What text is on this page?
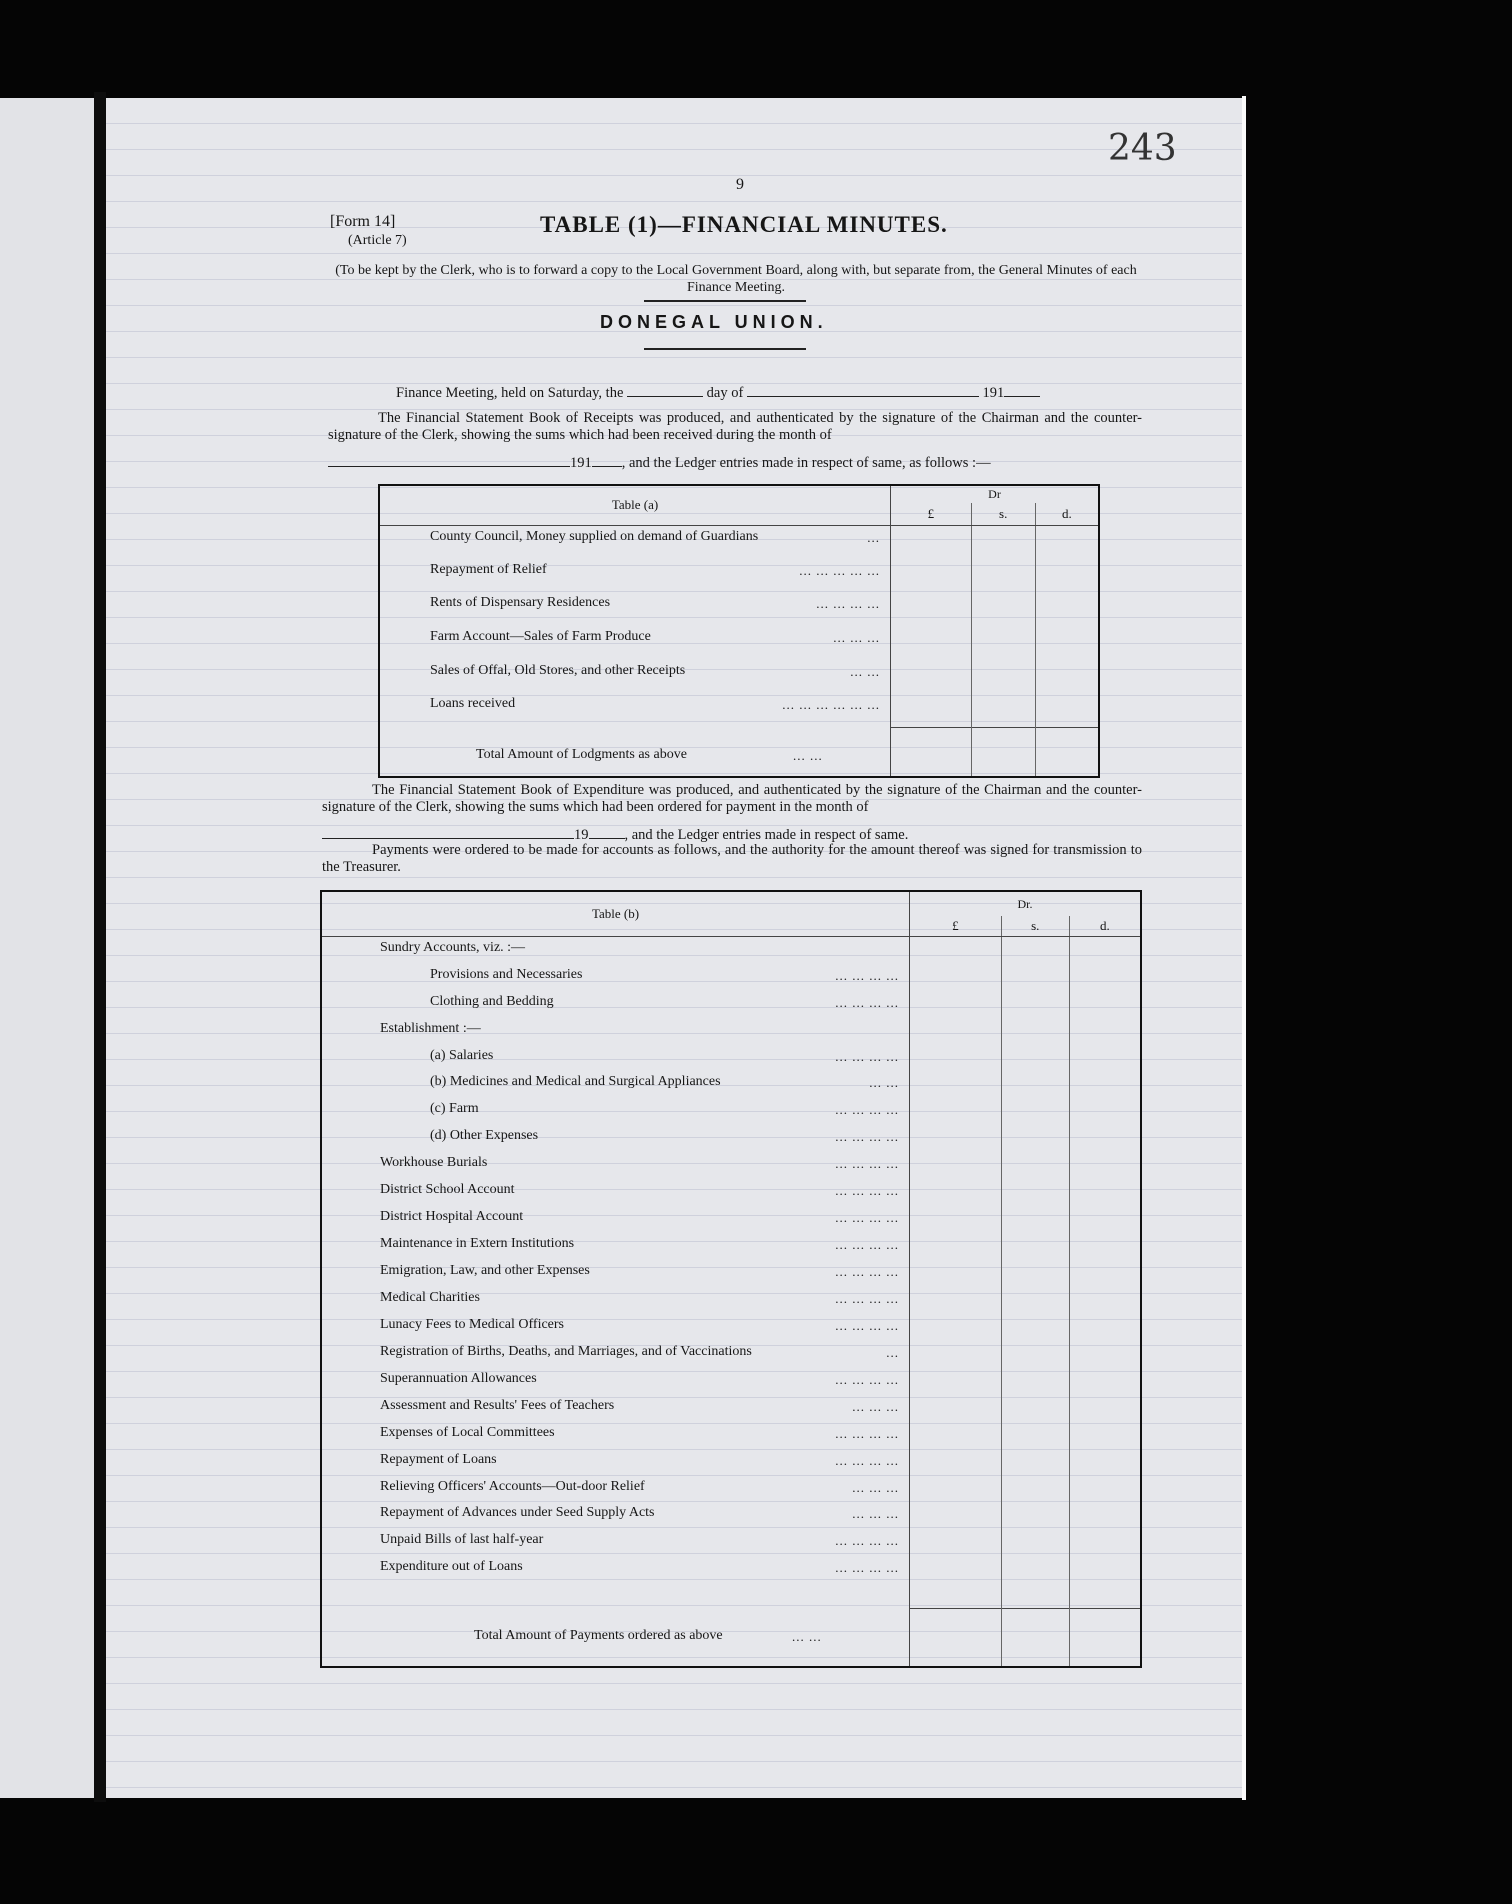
243
9
[Form 14]
(Article 7)
TABLE (1)—FINANCIAL MINUTES.
(To be kept by the Clerk, who is to forward a copy to the Local Government Board, along with, but separate from, the General Minutes of each Finance Meeting.
DONEGAL UNION.
Finance Meeting, held on Saturday, the	day of	191
The Financial Statement Book of Receipts was produced, and authenticated by the signature of the Chairman and the counter-signature of the Clerk, showing the sums which had been received during the month of
191 , and the Ledger entries made in respect of same, as follows :—
Table (a)	Dr		
	£	s.	d.

County Council, Money supplied on demand of Guardians ...			

Repayment of Relief ... ... ... ... ...			

Rents of Dispensary Residences ... ... ... ...			

Farm Account—Sales of Farm Produce ... ... ...			

Sales of Offal, Old Stores, and other Receipts ... ...			

Loans received ... ... ... ... ... ...			

Total Amount of Lodgments as above ... ...			

The Financial Statement Book of Expenditure was produced, and authenticated by the signature of the Chairman and the counter-signature of the Clerk, showing the sums which had been ordered for payment in the month of
19 , and the Ledger entries made in respect of same.
Payments were ordered to be made for accounts as follows, and the authority for the amount thereof was signed for transmission to the Treasurer.
Table (b)	Dr.		
	£	s.	d.

Sundry Accounts, viz. :—			

Provisions and Necessaries ... ... ... ...			

Clothing and Bedding ... ... ... ...			

Establishment :—			

(a) Salaries ... ... ... ...			

(b) Medicines and Medical and Surgical Appliances ... ...			

(c) Farm ... ... ... ...			

(d) Other Expenses ... ... ... ...			

Workhouse Burials ... ... ... ...			

District School Account ... ... ... ...			

District Hospital Account ... ... ... ...			

Maintenance in Extern Institutions ... ... ... ...			

Emigration, Law, and other Expenses ... ... ... ...			

Medical Charities ... ... ... ...			

Lunacy Fees to Medical Officers ... ... ... ...			

Registration of Births, Deaths, and Marriages, and of Vaccinations ...			

Superannuation Allowances ... ... ... ...			

Assessment and Results' Fees of Teachers ... ... ...			

Expenses of Local Committees ... ... ... ...			

Repayment of Loans ... ... ... ...			

Relieving Officers' Accounts—Out-door Relief ... ... ...			

Repayment of Advances under Seed Supply Acts ... ... ...			

Unpaid Bills of last half-year ... ... ... ...			

Expenditure out of Loans ... ... ... ...			

Total Amount of Payments ordered as above ... ...			
